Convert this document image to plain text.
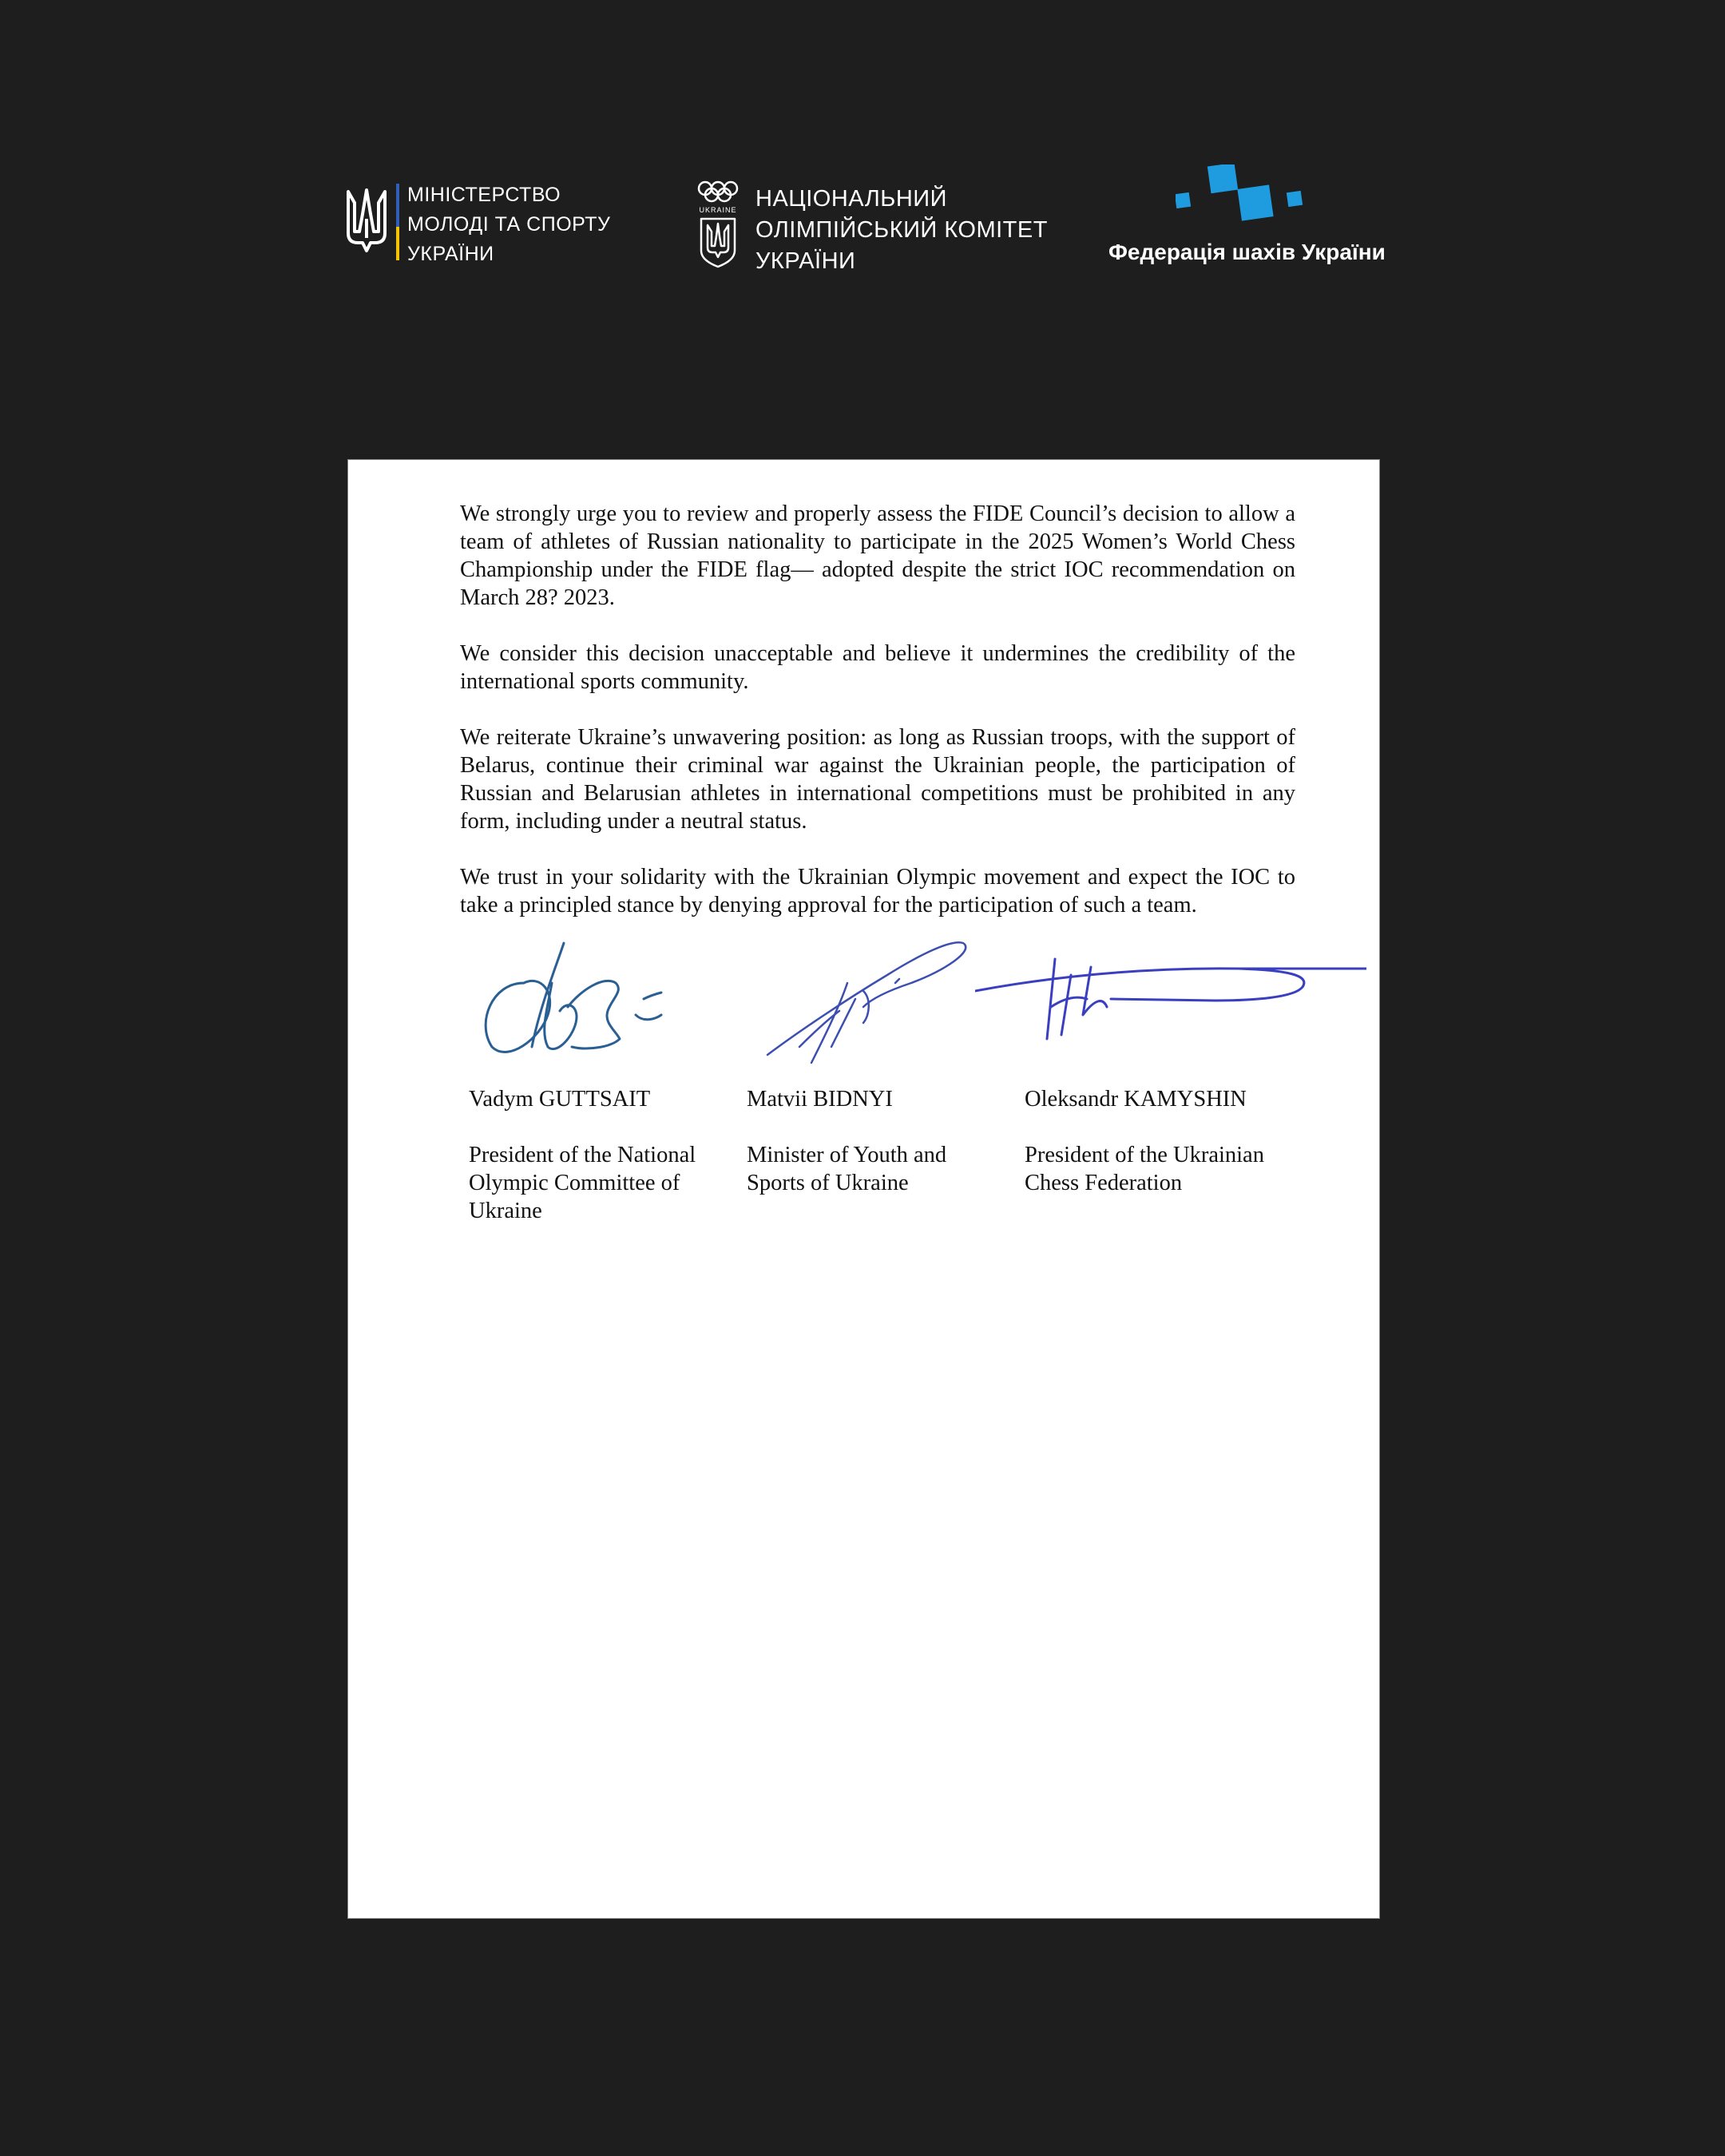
МІНІСТЕРСТВО
МОЛОДІ ТА СПОРТУ
УКРАЇНИ
UKRAINE НАЦІОНАЛЬНИЙ
ОЛІМПІЙСЬКИЙ КОМІТЕТ
УКРАЇНИ	Федерація шахів України

We strongly urge you to review and properly assess the FIDE Council’s decision to allow a team of athletes of Russian nationality to participate in the 2025 Women’s World Chess Championship under the FIDE flag— adopted despite the strict IOC recommendation on March 28? 2023.

We consider this decision unacceptable and believe it undermines the credibility of the international sports community.

We reiterate Ukraine’s unwavering position: as long as Russian troops, with the support of Belarus, continue their criminal war against the Ukrainian people, the participation of Russian and Belarusian athletes in international competitions must be prohibited in any form, including under a neutral status.

We trust in your solidarity with the Ukrainian Olympic movement and expect the IOC to take a principled stance by denying approval for the participation of such a team.

Vadym GUTTSAIT
President of the National Olympic Committee of Ukraine
Matvii BIDNYI
Minister of Youth and Sports of Ukraine
Oleksandr KAMYSHIN
President of the Ukrainian Chess Federation
